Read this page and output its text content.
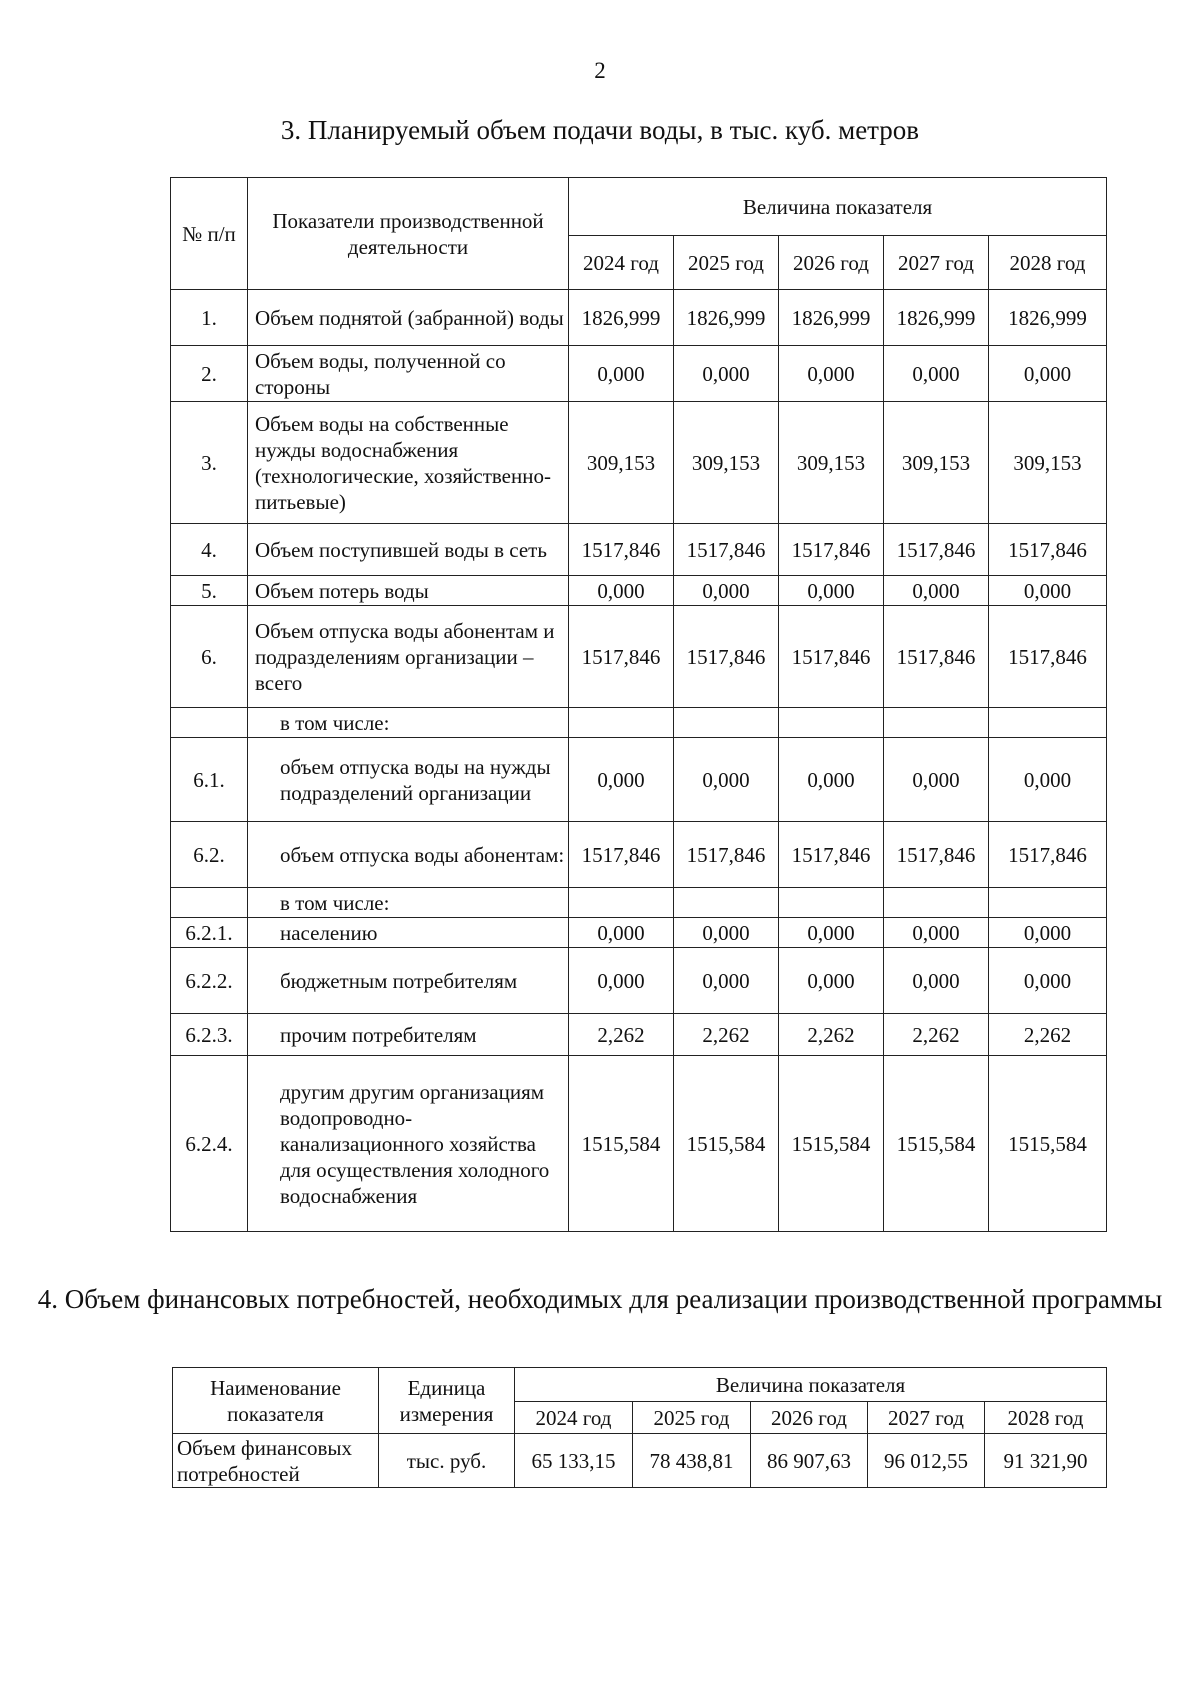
2
3. Планируемый объем подачи воды, в тыс. куб. метров
№ п/п	Показатели производственной деятельности	Величина показателя				
		2024 год	2025 год	2026 год	2027 год	2028 год
1.	Объем поднятой (забранной) воды	1826,999	1826,999	1826,999	1826,999	1826,999
2.	Объем воды, полученной со стороны	0,000	0,000	0,000	0,000	0,000
3.	Объем воды на собственные нужды водоснабжения (технологические, хозяйственно-питьевые)	309,153	309,153	309,153	309,153	309,153
4.	Объем поступившей воды в сеть	1517,846	1517,846	1517,846	1517,846	1517,846
5.	Объем потерь воды	0,000	0,000	0,000	0,000	0,000
6.	Объем отпуска воды абонентам и подразделениям организации – всего	1517,846	1517,846	1517,846	1517,846	1517,846
	в том числе:					
6.1.	объем отпуска воды на нужды подразделений организации	0,000	0,000	0,000	0,000	0,000
6.2.	объем отпуска воды абонентам:	1517,846	1517,846	1517,846	1517,846	1517,846
	в том числе:					
6.2.1.	населению	0,000	0,000	0,000	0,000	0,000
6.2.2.	бюджетным потребителям	0,000	0,000	0,000	0,000	0,000
6.2.3.	прочим потребителям	2,262	2,262	2,262	2,262	2,262
6.2.4.	другим другим организациям водопроводно-канализационного хозяйства для осуществления холодного водоснабжения	1515,584	1515,584	1515,584	1515,584	1515,584
4. Объем финансовых потребностей, необходимых для реализации производственной программы
Наименование показателя	Единица измерения	Величина показателя				
		2024 год	2025 год	2026 год	2027 год	2028 год
Объем финансовых потребностей	тыс. руб.	65 133,15	78 438,81	86 907,63	96 012,55	91 321,90
